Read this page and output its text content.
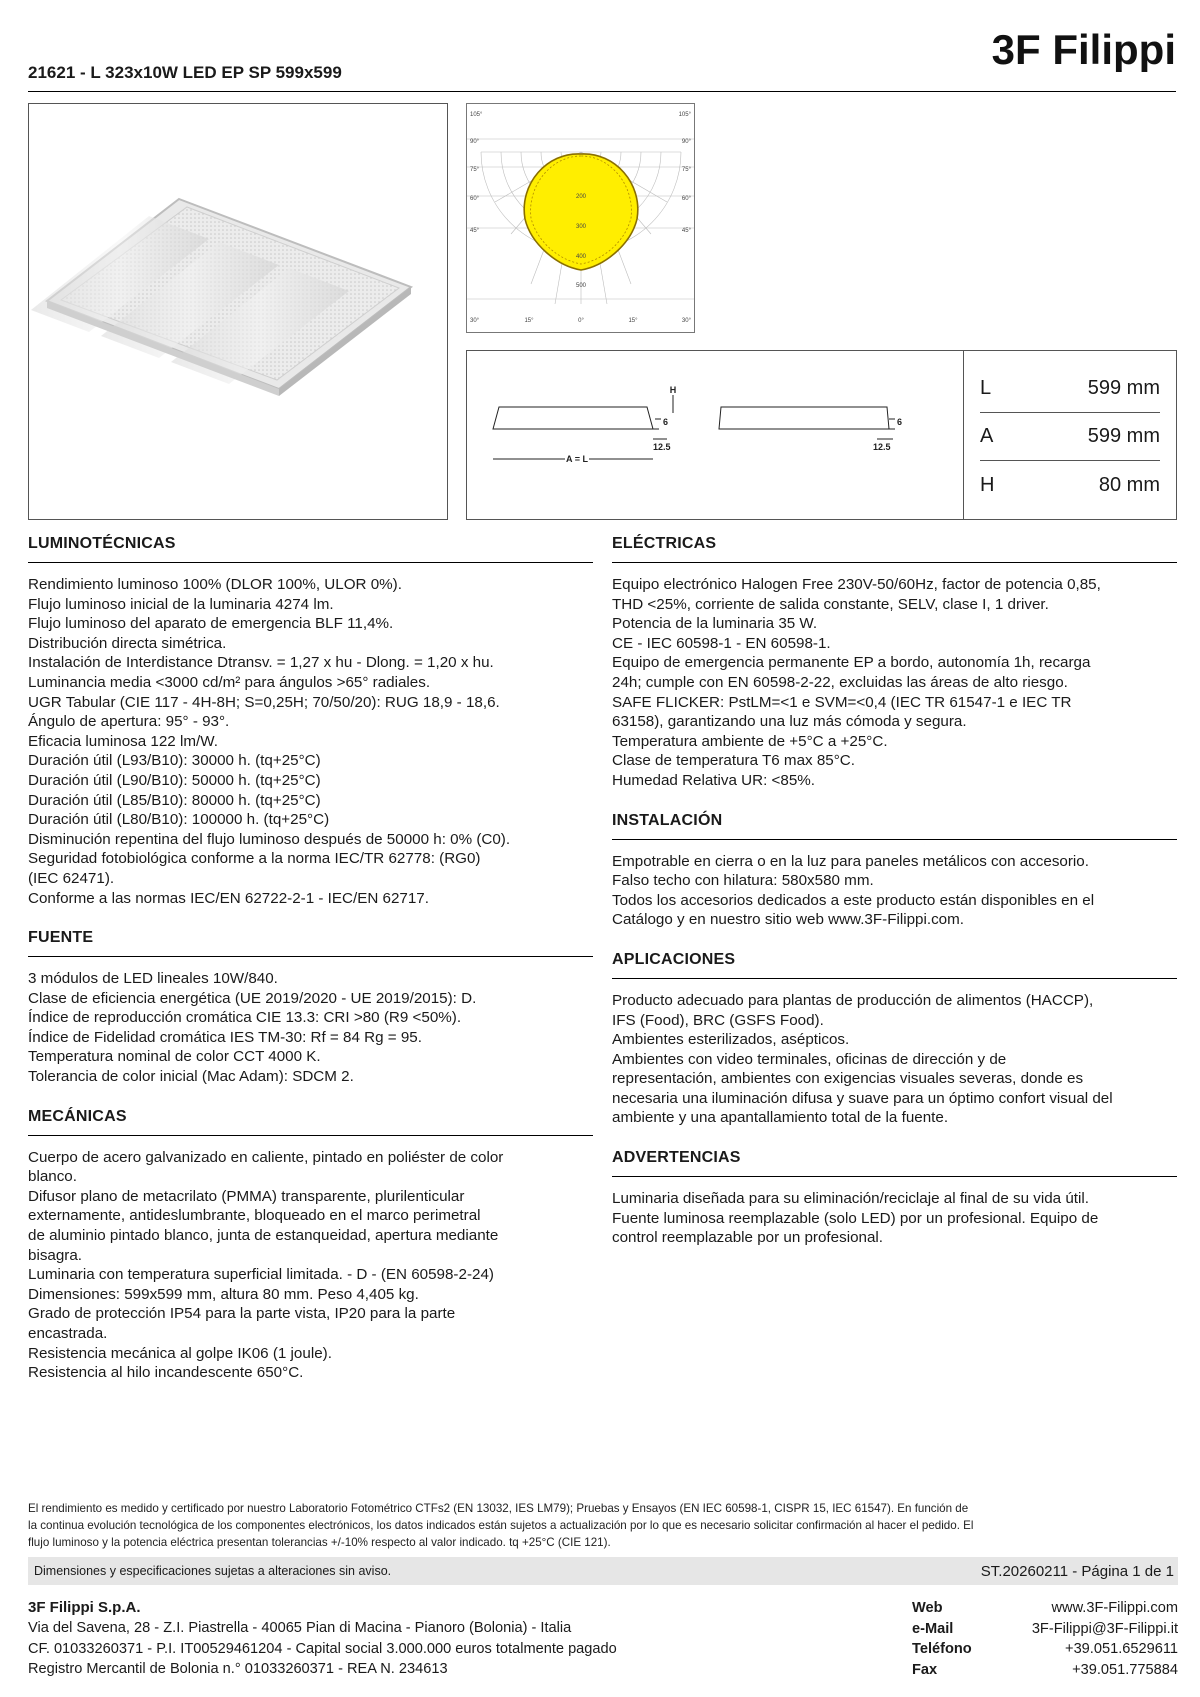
3F Filippi
21621 - L 323x10W LED EP SP 599x599
105°	105°
90°
75°
60°
45°
90°
75°
60°
45°
200
300
400
500
30°	15°	0°	15°	30°
6
H
12.5
A = L
6
12.5
L	599 mm
A	599 mm
H	80 mm
LUMINOTÉCNICAS
Rendimiento luminoso 100% (DLOR 100%, ULOR 0%).
Flujo luminoso inicial de la luminaria 4274 lm.
Flujo luminoso del aparato de emergencia BLF 11,4%.
Distribución directa simétrica.
Instalación de Interdistance Dtransv. = 1,27 x hu - Dlong. = 1,20 x hu.
Luminancia media <3000 cd/m² para ángulos >65° radiales.
UGR Tabular (CIE 117 - 4H-8H; S=0,25H; 70/50/20): RUG 18,9 - 18,6.
Ángulo de apertura: 95° - 93°.
Eficacia luminosa 122 lm/W.
Duración útil (L93/B10): 30000 h. (tq+25°C)
Duración útil (L90/B10): 50000 h. (tq+25°C)
Duración útil (L85/B10): 80000 h. (tq+25°C)
Duración útil (L80/B10): 100000 h. (tq+25°C)
Disminución repentina del flujo luminoso después de 50000 h: 0% (C0).
Seguridad fotobiológica conforme a la norma IEC/TR 62778: (RG0)
(IEC 62471).
Conforme a las normas IEC/EN 62722-2-1 - IEC/EN 62717.
FUENTE
3 módulos de LED lineales 10W/840.
Clase de eficiencia energética (UE 2019/2020 - UE 2019/2015): D.
Índice de reproducción cromática CIE 13.3: CRI >80 (R9 <50%).
Índice de Fidelidad cromática IES TM-30: Rf = 84 Rg = 95.
Temperatura nominal de color CCT 4000 K.
Tolerancia de color inicial (Mac Adam): SDCM 2.
MECÁNICAS
Cuerpo de acero galvanizado en caliente, pintado en poliéster de color
blanco.
Difusor plano de metacrilato (PMMA) transparente, plurilenticular
externamente, antideslumbrante, bloqueado en el marco perimetral
de aluminio pintado blanco, junta de estanqueidad, apertura mediante
bisagra.
Luminaria con temperatura superficial limitada. - D - (EN 60598-2-24)
Dimensiones: 599x599 mm, altura 80 mm. Peso 4,405 kg.
Grado de protección IP54 para la parte vista, IP20 para la parte
encastrada.
Resistencia mecánica al golpe IK06 (1 joule).
Resistencia al hilo incandescente 650°C.
ELÉCTRICAS
Equipo electrónico Halogen Free 230V-50/60Hz, factor de potencia 0,85,
THD <25%, corriente de salida constante, SELV, clase I, 1 driver.
Potencia de la luminaria 35 W.
CE - IEC 60598-1 - EN 60598-1.
Equipo de emergencia permanente EP a bordo, autonomía 1h, recarga
24h; cumple con EN 60598-2-22, excluidas las áreas de alto riesgo.
SAFE FLICKER: PstLM=<1 e SVM=<0,4 (IEC TR 61547-1 e IEC TR
63158), garantizando una luz más cómoda y segura.
Temperatura ambiente de +5°C a +25°C.
Clase de temperatura T6 max 85°C.
Humedad Relativa UR: <85%.
INSTALACIÓN
Empotrable en cierra o en la luz para paneles metálicos con accesorio.
Falso techo con hilatura: 580x580 mm.
Todos los accesorios dedicados a este producto están disponibles en el
Catálogo y en nuestro sitio web www.3F-Filippi.com.
APLICACIONES
Producto adecuado para plantas de producción de alimentos (HACCP),
IFS (Food), BRC (GSFS Food).
Ambientes esterilizados, asépticos.
Ambientes con video terminales, oficinas de dirección y de
representación, ambientes con exigencias visuales severas, donde es
necesaria una iluminación difusa y suave para un óptimo confort visual del
ambiente y una apantallamiento total de la fuente.
ADVERTENCIAS
Luminaria diseñada para su eliminación/reciclaje al final de su vida útil.
Fuente luminosa reemplazable (solo LED) por un profesional. Equipo de
control reemplazable por un profesional.
El rendimiento es medido y certificado por nuestro Laboratorio Fotométrico CTFs2 (EN 13032, IES LM79); Pruebas y Ensayos (EN IEC 60598-1, CISPR 15, IEC 61547). En función de
la continua evolución tecnológica de los componentes electrónicos, los datos indicados están sujetos a actualización por lo que es necesario solicitar confirmación al hacer el pedido. El
flujo luminoso y la potencia eléctrica presentan tolerancias +/-10% respecto al valor indicado. tq +25°C (CIE 121).
Dimensiones y especificaciones sujetas a alteraciones sin aviso.	ST.20260211 - Página 1 de 1
3F Filippi S.p.A.
Via del Savena, 28 - Z.I. Piastrella - 40065 Pian di Macina - Pianoro (Bolonia) - Italia
CF. 01033260371 - P.I. IT00529461204 - Capital social 3.000.000 euros totalmente pagado
Registro Mercantil de Bolonia n.° 01033260371 - REA N. 234613
Web	www.3F-Filippi.com
e-Mail	3F-Filippi@3F-Filippi.it
Teléfono	+39.051.6529611
Fax	+39.051.775884
